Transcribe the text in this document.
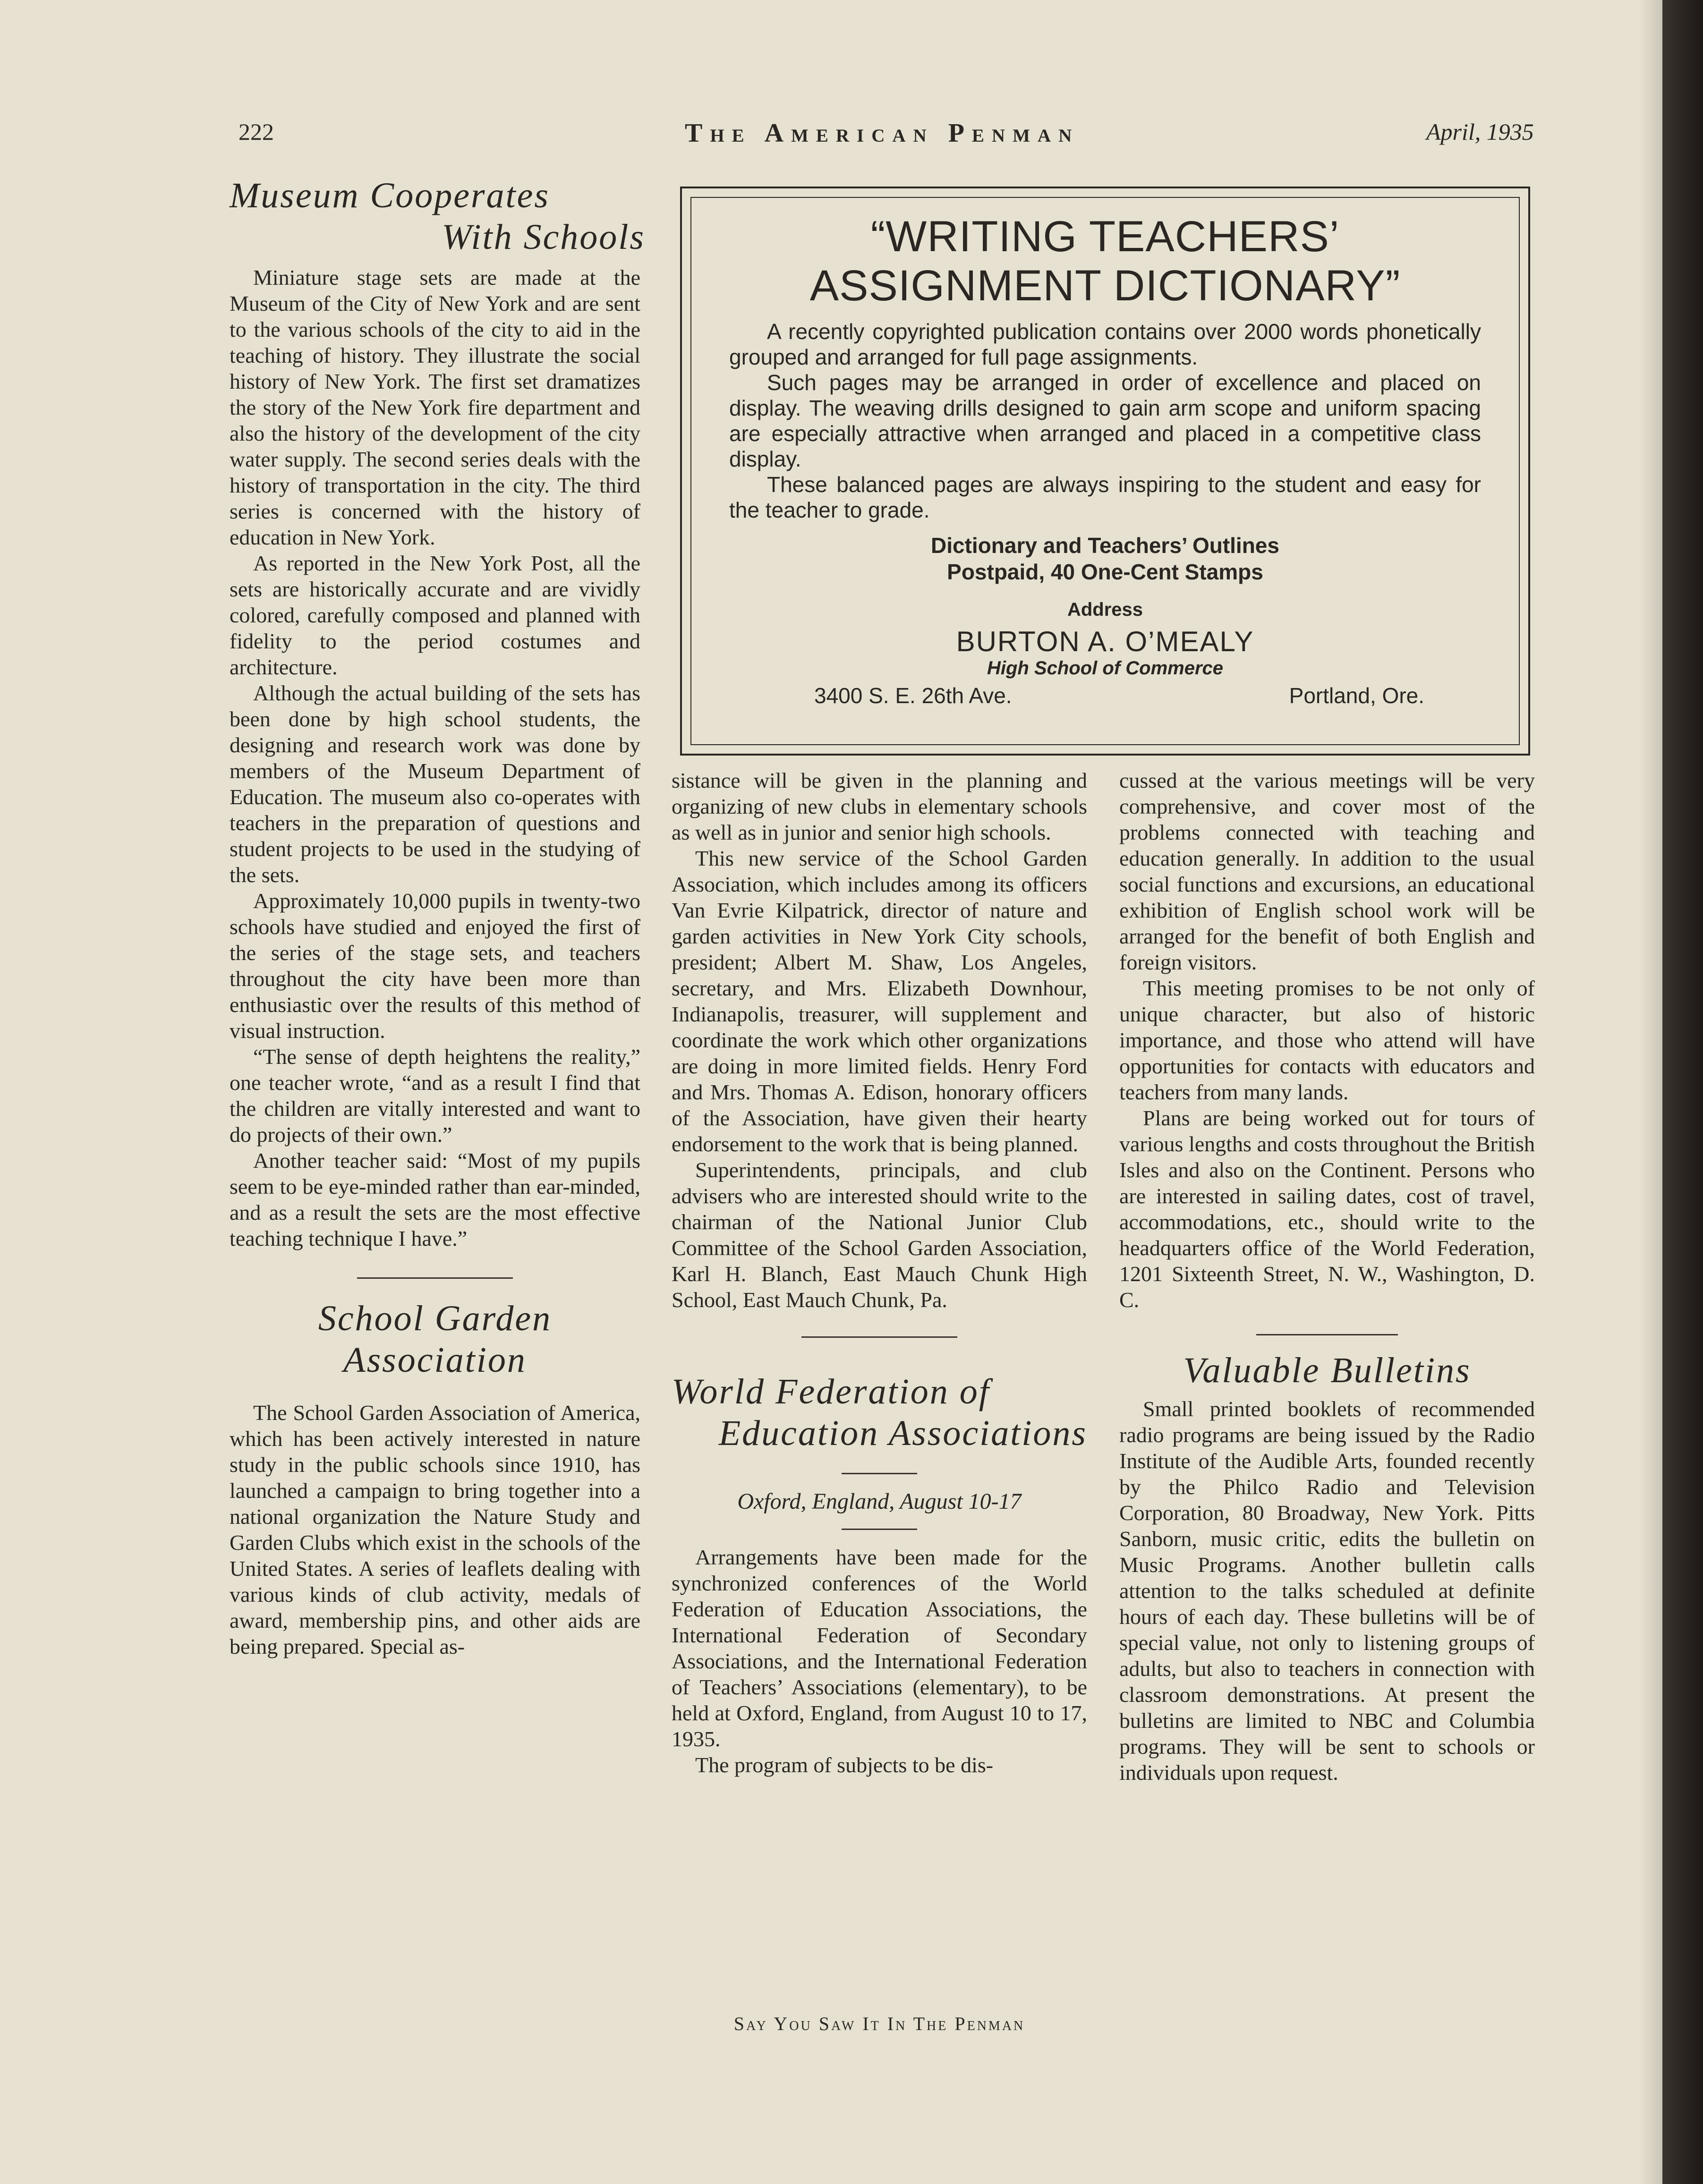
222	The American Penman	April, 1935

Museum Cooperates

With Schools

Miniature stage sets are made at the Museum of the City of New York and are sent to the various schools of the city to aid in the teaching of history. They illustrate the social history of New York. The first set dramatizes the story of the New York fire department and also the history of the development of the city water supply. The second series deals with the history of transportation in the city. The third series is concerned with the history of education in New York.

As reported in the New York Post, all the sets are historically accurate and are vividly colored, carefully composed and planned with fidelity to the period costumes and architecture.

Although the actual building of the sets has been done by high school students, the designing and research work was done by members of the Museum Department of Education. The museum also co-operates with teachers in the preparation of questions and student projects to be used in the studying of the sets.

Approximately 10,000 pupils in twenty-two schools have studied and enjoyed the first of the series of the stage sets, and teachers throughout the city have been more than enthusiastic over the results of this method of visual instruction.

“The sense of depth heightens the reality,” one teacher wrote, “and as a result I find that the children are vitally interested and want to do projects of their own.”

Another teacher said: “Most of my pupils seem to be eye-minded rather than ear-minded, and as a result the sets are the most effective teaching technique I have.”

School Garden

Association

The School Garden Association of America, which has been actively interested in nature study in the public schools since 1910, has launched a campaign to bring together into a national organization the Nature Study and Garden Clubs which exist in the schools of the United States. A series of leaflets dealing with various kinds of club activity, medals of award, membership pins, and other aids are being prepared. Special as-

“WRITING TEACHERS’

ASSIGNMENT DICTIONARY”

A recently copyrighted publication contains over 2000 words phonetically grouped and arranged for full page assignments.

Such pages may be arranged in order of excellence and placed on display. The weaving drills designed to gain arm scope and uniform spacing are especially attractive when arranged and placed in a competitive class display.

These balanced pages are always inspiring to the student and easy for the teacher to grade.

Dictionary and Teachers’ Outlines
Postpaid, 40 One-Cent Stamps
Address
BURTON A. O’MEALY
High School of Commerce
3400 S. E. 26th Ave.	Portland, Ore.

sistance will be given in the planning and organizing of new clubs in elementary schools as well as in junior and senior high schools.

This new service of the School Garden Association, which includes among its officers Van Evrie Kilpatrick, director of nature and garden activities in New York City schools, president; Albert M. Shaw, Los Angeles, secretary, and Mrs. Elizabeth Downhour, Indianapolis, treasurer, will supplement and coordinate the work which other organizations are doing in more limited fields. Henry Ford and Mrs. Thomas A. Edison, honorary officers of the Association, have given their hearty endorsement to the work that is being planned.

Superintendents, principals, and club advisers who are interested should write to the chairman of the National Junior Club Committee of the School Garden Association, Karl H. Blanch, East Mauch Chunk High School, East Mauch Chunk, Pa.

World Federation of

Education Associations

Oxford, England, August 10-17

Arrangements have been made for the synchronized conferences of the World Federation of Education Associations, the International Federation of Secondary Associations, and the International Federation of Teachers’ Associations (elementary), to be held at Oxford, England, from August 10 to 17, 1935.

The program of subjects to be dis-

cussed at the various meetings will be very comprehensive, and cover most of the problems connected with teaching and education generally. In addition to the usual social functions and excursions, an educational exhibition of English school work will be arranged for the benefit of both English and foreign visitors.

This meeting promises to be not only of unique character, but also of historic importance, and those who attend will have opportunities for contacts with educators and teachers from many lands.

Plans are being worked out for tours of various lengths and costs throughout the British Isles and also on the Continent. Persons who are interested in sailing dates, cost of travel, accommodations, etc., should write to the headquarters office of the World Federation, 1201 Sixteenth Street, N. W., Washington, D. C.

Valuable Bulletins

Small printed booklets of recommended radio programs are being issued by the Radio Institute of the Audible Arts, founded recently by the Philco Radio and Television Corporation, 80 Broadway, New York. Pitts Sanborn, music critic, edits the bulletin on Music Programs. Another bulletin calls attention to the talks scheduled at definite hours of each day. These bulletins will be of special value, not only to listening groups of adults, but also to teachers in connection with classroom demonstrations. At present the bulletins are limited to NBC and Columbia programs. They will be sent to schools or individuals upon request.

Say You Saw It In The Penman
